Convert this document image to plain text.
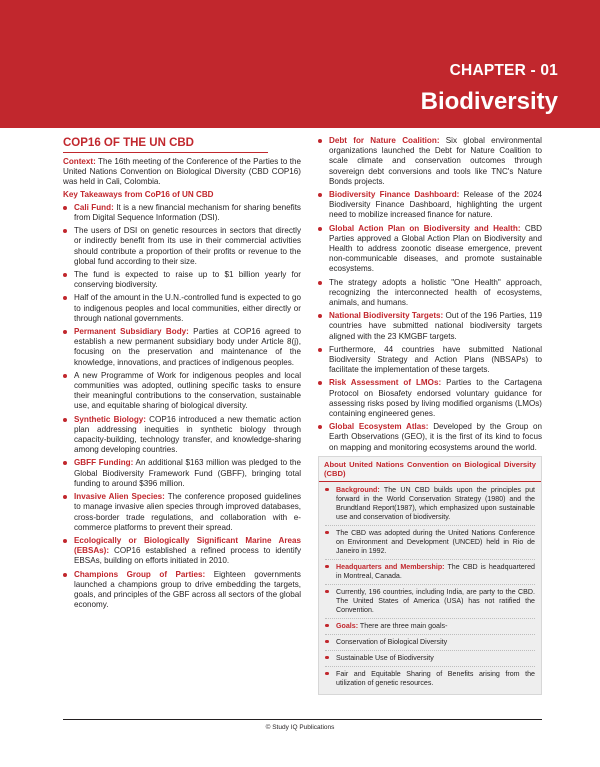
CHAPTER - 01
Biodiversity
COP16 OF THE UN CBD

Context: The 16th meeting of the Conference of the Parties to the United Nations Convention on Biological Diversity (CBD COP16) was held in Cali, Colombia.

Key Takeaways from CoP16 of UN CBD
Cali Fund: It is a new financial mechanism for sharing benefits from Digital Sequence Information (DSI).
The users of DSI on genetic resources in sectors that directly or indirectly benefit from its use in their commercial activities should contribute a proportion of their profits or revenue to the global fund according to their size.
The fund is expected to raise up to $1 billion yearly for conserving biodiversity.
Half of the amount in the U.N.-controlled fund is expected to go to indigenous peoples and local communities, either directly or through national governments.
Permanent Subsidiary Body: Parties at COP16 agreed to establish a new permanent subsidiary body under Article 8(j), focusing on the preservation and maintenance of the knowledge, innovations, and practices of indigenous peoples.
A new Programme of Work for indigenous peoples and local communities was adopted, outlining specific tasks to ensure their meaningful contributions to the conservation, sustainable use, and equitable sharing of biological diversity.
Synthetic Biology: COP16 introduced a new thematic action plan addressing inequities in synthetic biology through capacity-building, technology transfer, and knowledge-sharing among developing countries.
GBFF Funding: An additional $163 million was pledged to the Global Biodiversity Framework Fund (GBFF), bringing total funding to around $396 million.
Invasive Alien Species: The conference proposed guidelines to manage invasive alien species through improved databases, cross-border trade regulations, and collaboration with e-commerce platforms to prevent their spread.
Ecologically or Biologically Significant Marine Areas (EBSAs): COP16 established a refined process to identify EBSAs, building on efforts initiated in 2010.
Champions Group of Parties: Eighteen governments launched a champions group to drive embedding the targets, goals, and principles of the GBF across all sectors of the global economy.
Debt for Nature Coalition: Six global environmental organizations launched the Debt for Nature Coalition to scale climate and conservation outcomes through sovereign debt conversions and tools like TNC's Nature Bonds projects.
Biodiversity Finance Dashboard: Release of the 2024 Biodiversity Finance Dashboard, highlighting the urgent need to mobilize increased finance for nature.
Global Action Plan on Biodiversity and Health: CBD Parties approved a Global Action Plan on Biodiversity and Health to address zoonotic disease emergence, prevent non-communicable diseases, and promote sustainable ecosystems.
The strategy adopts a holistic "One Health" approach, recognizing the interconnected health of ecosystems, animals, and humans.
National Biodiversity Targets: Out of the 196 Parties, 119 countries have submitted national biodiversity targets aligned with the 23 KMGBF targets.
Furthermore, 44 countries have submitted National Biodiversity Strategy and Action Plans (NBSAPs) to facilitate the implementation of these targets.
Risk Assessment of LMOs: Parties to the Cartagena Protocol on Biosafety endorsed voluntary guidance for assessing risks posed by living modified organisms (LMOs) containing engineered genes.
Global Ecosystem Atlas: Developed by the Group on Earth Observations (GEO), it is the first of its kind to focus on mapping and monitoring ecosystems around the world.
About United Nations Convention on Biological Diversity (CBD)
Background: The UN CBD builds upon the principles put forward in the World Conservation Strategy (1980) and the Brundtland Report(1987), which emphasized upon sustainable use and conservation of biodiversity.
The CBD was adopted during the United Nations Conference on Environment and Development (UNCED) held in Rio de Janeiro in 1992.
Headquarters and Membership: The CBD is headquartered in Montreal, Canada.
Currently, 196 countries, including India, are party to the CBD. The United States of America (USA) has not ratified the Convention.
Goals: There are three main goals-
Conservation of Biological Diversity
Sustainable Use of Biodiversity
Fair and Equitable Sharing of Benefits arising from the utilization of genetic resources.
© Study IQ Publications
